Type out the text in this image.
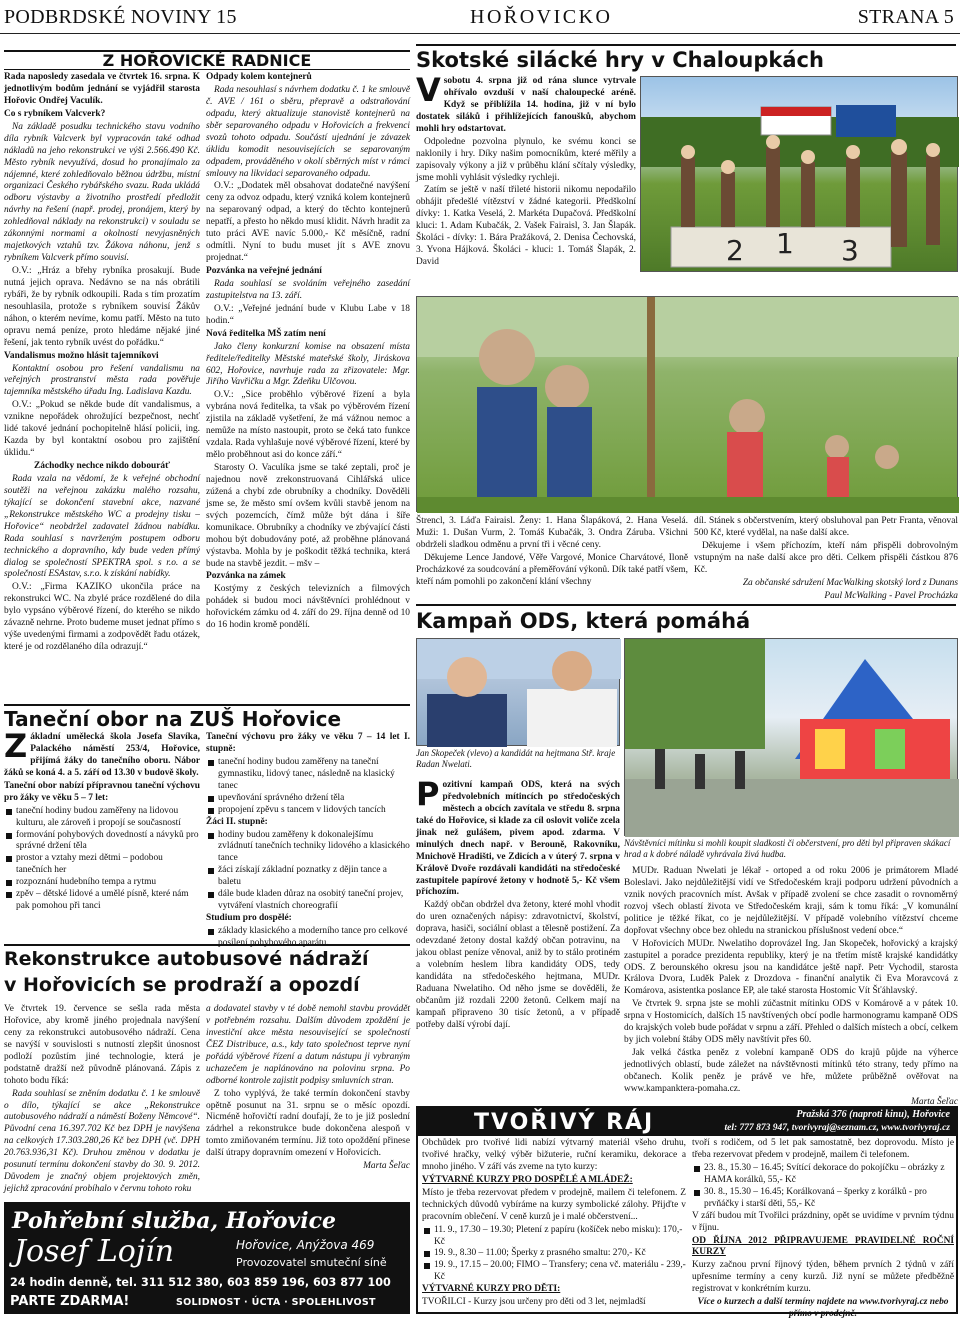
PODBRDSKÉ NOVINY 15	HOŘOVICKO	STRANA 5
Z HOŘOVICKÉ RADNICE

Rada naposledy zasedala ve čtvrtek 16. srpna. K jednotlivým bodům jednání se vyjádřil starosta Hořovic Ondřej Vaculík.

Co s rybníkem Valcverk?

Na základě posudku technického stavu vodního díla rybník Valcverk byl vypracován také odhad nákladů na jeho rekonstrukci ve výši 2.566.490 Kč. Město rybník nevyužívá, dosud ho pronajímalo za nájemné, které zohledňovalo běžnou údržbu, místní organizaci Českého rybářského svazu. Rada ukládá odboru výstavby a životního prostředí předložit návrhy na řešení (např. prodej, pronájem, který by zohledňoval náklady na rekonstrukci) v souladu se zákonnými normami a okolností nevyjasněných majetkových vztahů tzv. Žákova náhonu, jenž s rybníkem Valcverk přímo souvisí.

O.V.: „Hráz a břehy rybníka prosakují. Bude nutná jejich oprava. Nedávno se na nás obrátili rybáři, že by rybník odkoupili. Rada s tím prozatím nesouhlasila, protože s rybníkem souvisí Žákův náhon, o kterém nevíme, komu patří. Město na tuto opravu nemá peníze, proto hledáme nějaké jiné řešení, jak tento rybník uvést do pořádku.“

Vandalismus možno hlásit tajemníkovi

Kontaktní osobou pro řešení vandalismu na veřejných prostranství města rada pověřuje tajemníka městského úřadu Ing. Ladislava Kazdu.

O.V.: „Pokud se někde bude dít vandalismus, a vznikne nepořádek ohrožující bezpečnost, nechť lidé takové jednání pochopitelně hlásí policii, ing. Kazda by byl kontaktní osobou pro zajištění úklidu.“

Záchodky nechce nikdo dobouráť

Rada vzala na vědomí, že k veřejné obchodní soutěži na veřejnou zakázku malého rozsahu, týkající se dokončení stavební akce, nazvané „Rekonstrukce městského WC a prodejny tisku – Hořovice“ neobdržel zadavatel žádnou nabídku. Rada souhlasí s navrženým postupem odboru technického a dopravního, kdy bude veden přímý dialog se společností SPEKTRA spol. s r.o. a se společností ESAstav, s.r.o. k získání nabídky.

O.V.: „Firma KAZIKO ukončila práce na rekonstrukci WC. Na zbylé práce rozdělené do dila bylo vypsáno výběrové řízení, do kterého se nikdo závazně nehrne. Proto budeme muset jednat přímo s výše uvedenými firmami a zodpovědět řadu otázek, které je od rozdělaného díla odrazují.“

Odpady kolem kontejnerů

Rada nesouhlasí s návrhem dodatku č. 1 ke smlouvě č. AVE / 161 o sběru, přepravě a odstraňování odpadu, který aktualizuje stanovistě kontejnerů na sběr separovaného odpadu v Hořovicích a frekvenci svozů tohoto odpadu. Součástí ujednání je závazek úklidu komodit nesouvisejících se separovaným odpadem, prováděného v okolí sběrných míst v rámci smlouvy na likvidaci separovaného odpadu.

O.V.: „Dodatek měl obsahovat dodatečné navýšení ceny za odvoz odpadu, který vzniká kolem kontejnerů na separovaný odpad, a který do těchto kontejnerů nepatří, a přesto ho někdo musí klidit. Návrh hradit za tuto práci AVE navíc 5.000,- Kč měsíčně, radní odmítli. Nyní to budu muset jít s AVE znovu projednat.“

Pozvánka na veřejné jednání

Rada souhlasí se svoláním veřejného zasedání zastupitelstva na 13. září.

O.V.: „Veřejné jednání bude v Klubu Labe v 18 hodin.“

Nová ředitelka MŠ zatím není

Jako členy konkurzní komise na obsazení místa ředitele/ředitelky Městské mateřské školy, Jiráskova 602, Hořovice, navrhuje rada za zřizovatele: Mgr. Jiřího Vavřičku a Mgr. Zdeňku Ulčovou.

O.V.: „Sice proběhlo výběrové řízení a byla vybrána nová ředitelka, ta však po výběrovém řízení zjistila na základě vyšetření, že má vážnou nemoc a nemůže na místo nastoupit, proto se čeká tato funkce vzdala. Rada vyhlašuje nové výběrové řízení, které by mělo proběhnout asi do konce září.“

Starosty O. Vaculíka jsme se také zeptali, proč je najednou nově zrekonstruovaná Cihlářská ulice zúžená a chybí zde obrubníky a chodníky. Dověděli jsme se, že město smí ovšem kvůli stavbě jenom na svých pozemcích, čímž může být dána i šíře komunikace. Obrubníky a chodníky ve zbývající části mohou být dobudovány poté, až proběhne plánovaná výstavba. Mohla by je poškodit těžká technika, která bude na stavbě jezdit. – mšv –

Pozvánka na zámek

Kostýmy z českých televizních a filmových pohádek si budou moci návštěvníci prohlédnout v hořovickém zámku od 4. září do 29. října denně od 10 do 16 hodin kromě pondělí.

Skotské silácké hry v Chaloupkách

Vsobotu 4. srpna již od rána slunce vytrvale ohřívalo ovzduší v naší chaloupecké aréně. Když se přiblížila 14. hodina, již v ní bylo dostatek siláků i přihlížejících fanoušků, abychom mohli hry odstartovat.

Odpoledne pozvolna plynulo, ke svému konci se naklonily i hry. Díky našim pomocníkům, které měřily a zapisovaly výkony a již v průběhu klání sčítaly výsledky, jsme mohli vyhlásit výsledky rychleji.

Zatím se ještě v naší třileté historii nikomu nepodařilo obhájit předešlé vítězství v žádné kategorii. Předškolní dívky: 1. Katka Veselá, 2. Markéta Dupačová. Předškolní kluci: 1. Adam Kubačák, 2. Vašek Fairaisl, 3. Jan Šlapák. Školáci - dívky: 1. Bára Pražáková, 2. Denisa Čechovská, 3. Yvona Hájková. Školáci - kluci: 1. Tomáš Šlapák, 2. David	2 1 3

Štrencl, 3. Láďa Fairaisl. Ženy: 1. Hana Šlapáková, 2. Hana Veselá. Muži: 1. Dušan Vurm, 2. Tomáš Kubačák, 3. Ondra Záruba. Všichni obdrželi sladkou odměnu a první tři i věcné ceny.

Děkujeme Lence Jandové, Věře Vargové, Monice Charvátové, Iloně Procházkové za soudcování a přeměřování výkonů. Dík také patří všem, kteří nám pomohli po zakončení klání všechny

díl. Stánek s občerstvením, který obsluhoval pan Petr Franta, věnoval 500 Kč, které vydělal, na naše další akce.

Děkujeme i všem příchozím, kteří nám přispěli dobrovolným vstupným na naše další akce pro děti. Celkem přispěli částkou 876 Kč.

Za občanské sdružení MacWalking skotský lord z Dunans

Paul McWalking - Pavel Procházka

Taneční obor na ZUŠ Hořovice

Základní umělecká škola Josefa Slavíka, Palackého náměstí 253/4, Hořovice, přijímá žáky do tanečního oboru. Nábor žáků se koná 4. a 5. září od 13.30 v budově školy.

Taneční obor nabízí přípravnou taneční výchovu pro žáky ve věku 5 – 7 let:

taneční hodiny budou zaměřeny na lidovou kulturu, ale zároveň i propojí se současností
formování pohybových dovedností a návyků pro správné držení těla
prostor a vztahy mezi dětmi – podobou tanečních her
rozpoznání hudebního tempa a rytmu
zpěv – dětské lidové a umělé písně, které nám pak pomohou při tanci

Taneční výchovu pro žáky ve věku 7 – 14 let I. stupně:

taneční hodiny budou zaměřeny na taneční gymnastiku, lidový tanec, následně na klasický tanec
upevňování správného držení těla
propojení zpěvu s tancem v lidových tancích

Žáci II. stupně:

hodiny budou zaměřeny k dokonalejšímu zvládnutí tanečních techniky lidového a klasického tance
žáci získají základní poznatky z dějin tance a baletu
dále bude kladen důraz na osobitý taneční projev, vytváření vlastních choreografií

Studium pro dospělé:

základy klasického a moderního tance pro celkové posílení pohybového aparátu.
Rekonstrukce autobusové nádraží
v Hořovicích se prodraží a opozdí

Ve čtvrtek 19. července se sešla rada města Hořovice, aby kromě jiného projednala navýšení ceny za rekonstrukci autobusového nádraží. Cena se navýší v souvislosti s nutností zlepšit únosnost podloží pozůstím jiné technologie, která je podstatně dražší než původně plánovaná. Zápis z tohoto bodu říká:

Rada souhlasí se zněním dodatku č. 1 ke smlouvě o dílo, týkající se akce „Rekonstrukce autobusového nádraží a náměstí Boženy Němcové“. Původní cena 16.397.702 Kč bez DPH je navýšena na celkových 17.303.280,26 Kč bez DPH (vč. DPH 20.763.936,31 Kč). Druhou změnou v dodatku je posunutí termínu dokončení stavby do 30. 9. 2012. Důvodem je značný objem projektových změn, jejichž zpracování probíhalo v červnu tohoto roku

a dodavatel stavby v té době nemohl stavbu provádět v potřebném rozsahu. Dalším důvodem zpoždění je investiční akce města nesouvisející se společností ČEZ Distribuce, a.s., kdy tato společnost teprve nyní pořádá výběrové řízení a datum nástupu ji vybraným uchazečem je naplánováno na polovinu srpna. Po odborné kontrole zajistit podpisy smluvních stran.

Z toho vyplývá, že také termín dokončení stavby opětně posunut na 31. srpnu se o měsíc opozdí. Nicméně hořovičtí radní doufají, že to je již poslední zádrhel a rekonstrukce bude dokončena alespoň v tomto zmiňovaném termínu. Již toto opoždění přinese další útrapy dopravním omezení v Hořovicích.

Marta Šeľac

Pohřební služba, Hořovice
Josef Lojín	Hořovice, Anýžova 469
Provozovatel smuteční síně
24 hodin denně, tel. 311 512 380, 603 859 196, 603 877 100
PARTE ZDARMA!	SOLIDNOST · ÚCTA · SPOLEHLIVOST
Kampaň ODS, která pomáhá
Jan Skopeček (vlevo) a kandidát na hejtmana Stř. kraje Radan Nwelati.
Návštěvníci mítinku si mohli koupit sladkosti či občerstvení, pro děti byl připraven skákací hrad a k dobré náladě vyhrávala živá hudba.

Pozitivní kampaň ODS, která na svých předvolebních mítincích po středočeských městech a obcích zavítala ve středu 8. srpna také do Hořovice, si klade za cíl oslovit voliče zcela jinak než gulášem, pivem apod. zdarma. V minulých dnech např. v Berouně, Rakovníku, Mnichově Hradišti, ve Zdicích a v úterý 7. srpna v Králově Dvoře rozdávali kandidáti na středočeské zastupitele papírové žetony v hodnotě 5,- Kč všem příchozím.

Každý občan obdržel dva žetony, které mohl vhodit do uren označených nápisy: zdravotnictví, školství, doprava, hasiči, sociální oblast a tělesně postižení. Za odevzdané žetony dostal každý občan potravinu, na jakou oblast peníze věnoval, aniž by to stálo protiném a volebním heslem líbra kandidáty ODS, tedy kandidáta na středočeského hejtmana, MUDr. Raduana Nwelatiho. Od něho jsme se dověděli, že občanům již rozdali 2200 žetonů. Celkem mají na kampaň připraveno 30 tisíc žetonů, a v případě potřeby další výrobí dají.

MUDr. Raduan Nwelati je lékař - ortoped a od roku 2006 je primátorem Mladé Boleslavi. Jako nejdůležitější vidí ve Středočeském kraji podporu udržení původních a vznik nových pracovních míst. Avšak v případě zvolení se chce zasadit o rovnoměrný rozvoj všech oblastí života ve Středočeském kraji, sám k tomu říká: „V komunální politice je těžké říkat, co je nejdůležitější. V případě volebního vítězství chceme dopřovat všechny obce bez ohledu na stranickou příslušnost vedení obce.“

V Hořovicích MUDr. Nwelatiho doprovázel Ing. Jan Skopeček, hořovický a krajský zastupitel a poradce prezidenta republiky, který je na třetím místě krajské kandidátky ODS. Z berounského okresu jsou na kandidátce ještě např. Petr Vychodil, starosta Králova Dvora, Luděk Palek z Drozdova - finanční analytik či Eva Moravcová z Komárova, asistentka poslance EP, ale také starosta Hostomic Vít Šťáhlavský.

Ve čtvrtek 9. srpna jste se mohli zúčastnit mítinku ODS v Komárově a v pátek 10. srpna v Hostomicích, dalších 15 navštívených obcí podle harmonogramu kampaně ODS do krajských voleb bude pořádat v srpnu a září. Přehled o dalších místech a obcí, celkem by jich volební štáby ODS měly navštívit přes 60.

Jak velká částka peněz z volební kampaně ODS do krajů půjde na výherce jednotlivých oblastí, bude záležet na návštěvnosti mítinků této strany, tedy přímo na občanech. Kolik peněz je právě ve hře, můžete průběžně ověřovat na www.kampanktera-pomaha.cz.

Marta Šeľac

TVOŘIVÝ RÁJ	Pražská 376 (naproti kinu), Hořovice
tel: 777 873 947, tvorivyraj@seznam.cz, www.tvorivyraj.cz

Obchůdek pro tvořivé lidi nabízí výtvarný materiál všeho druhu, tvořivé hračky, velký výběr bižuterie, ruční keramiku, dekorace a mnoho jiného. V září vás zveme na tyto kurzy:

VÝTVARNÉ KURZY PRO DOSPĚLÉ A MLÁDEŽ:

Místo je třeba rezervovat předem v prodejně, mailem či telefonem. Z technických důvodů vybíráme na kurzy symbolické zálohy. Přijďte v pracovním oblečení. V ceně kurzů je i malé občerstvení...

11. 9., 17.30 – 19.30; Pletení z papíru (košíček nebo misku): 170,- Kč
19. 9., 8.30 – 11.00; Šperky z prasného smaltu: 270,- Kč
19. 9., 17.15 – 20.00; FIMO – Transfery; cena vč. materiálu - 239,- Kč

VÝTVARNÉ KURZY PRO DĚTI:

TVOŘILCI - Kurzy jsou určeny pro děti od 3 let, nejmladší

tvoří s rodičem, od 5 let pak samostatně, bez doprovodu. Místo je třeba rezervovat předem v prodejně, mailem či telefonem.

23. 8., 15.30 – 16.45; Svítící dekorace do pokojíčku – obrázky z HAMA korálků, 55,- Kč
30. 8., 15.30 – 16.45; Korálkovaná – šperky z korálků - pro prvňáčky i starší děti, 55,- Kč

V září budou mít Tvořilci prázdniny, opět se uvidíme v prvním týdnu v říjnu.

OD ŘÍJNA 2012 PŘIPRAVUJEME PRAVIDELNÉ ROČNÍ KURZY

Kurzy začnou první říjnový týden, během prvních 2 týdnů v září upřesníme termíny a ceny kurzů. Již nyní se můžete předběžně registrovat v konkrétním kurzu.

Více o kurzech a další termíny najdete na www.tvorivyraj.cz nebo přímo v prodejně.
